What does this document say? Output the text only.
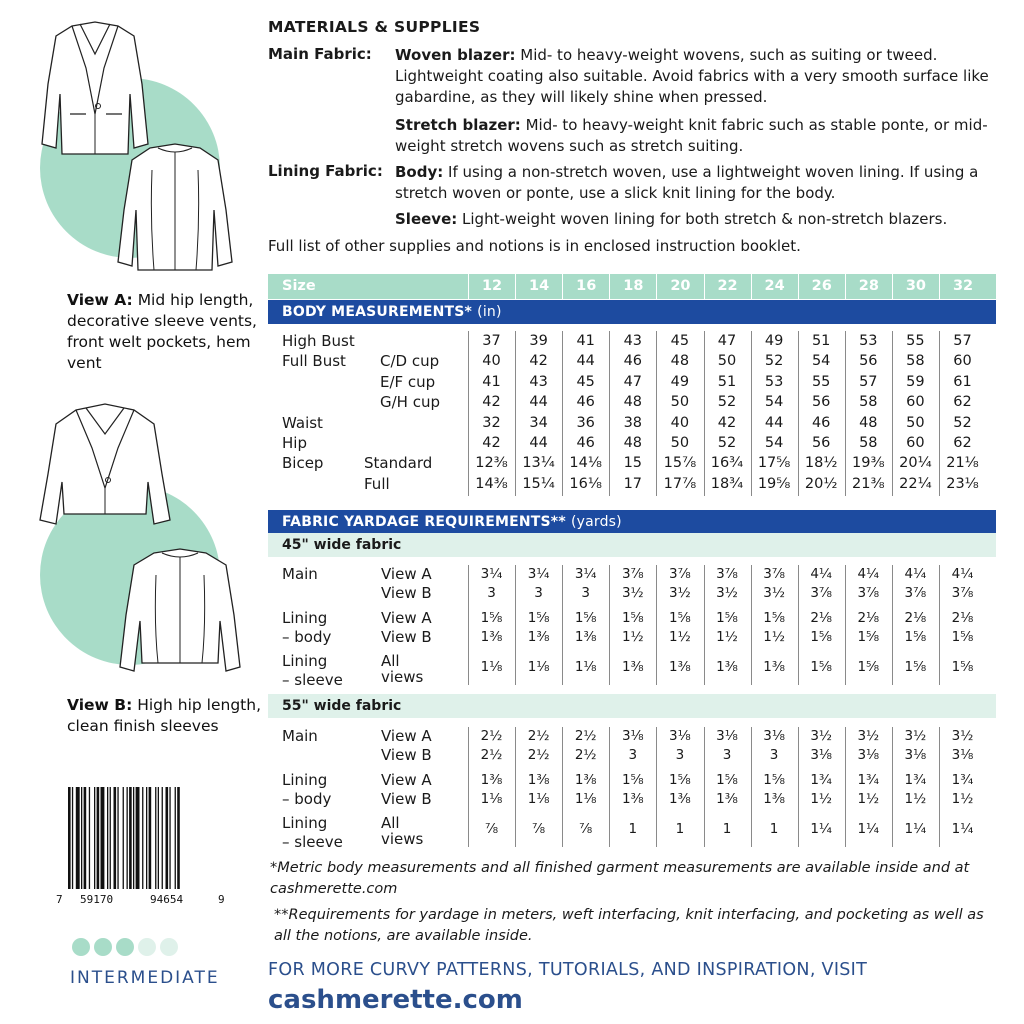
View A: Mid hip length, decorative sleeve vents, front welt pockets, hem vent
View B: High hip length, clean finish sleeves
7 59170	94654	9
INTERMEDIATE
MATERIALS & SUPPLIES
Main Fabric: Woven blazer: Mid- to heavy-weight wovens, such as suiting or tweed. Lightweight coating also suitable. Avoid fabrics with a very smooth surface like gabardine, as they will likely shine when pressed.
Stretch blazer: Mid- to heavy-weight knit fabric such as stable ponte, or mid-weight stretch wovens such as stretch suiting.
Lining Fabric: Body: If using a non-stretch woven, use a lightweight woven lining. If using a stretch woven or ponte, use a slick knit lining for the body.
Sleeve: Light-weight woven lining for both stretch & non-stretch blazers.
Full list of other supplies and notions is in enclosed instruction booklet.
Size	12	14	16	18	20	22	24	26	28	30	32
BODY MEASUREMENTS* (in)
High Bust	37	39	41	43	45	47	49	51	53	55	57
Full Bust C/D cup	40	42	44	46	48	50	52	54	56	58	60
E/F cup	41	43	45	47	49	51	53	55	57	59	61
G/H cup	42	44	46	48	50	52	54	56	58	60	62
Waist	32	34	36	38	40	42	44	46	48	50	52
Hip	42	44	46	48	50	52	54	56	58	60	62
Bicep	Standard	12⅜	13¼	14⅛	15	15⅞	16¾	17⅝	18½	19⅜	20¼	21⅛
Full	14⅜	15¼	16⅛	17	17⅞	18¾	19⅝	20½	21⅜	22¼	23⅛
FABRIC YARDAGE REQUIREMENTS** (yards)
45" wide fabric
Main	View A	3¼	3¼	3¼	3⅞	3⅞	3⅞	3⅞	4¼	4¼	4¼	4¼
View B	3	3	3	3½	3½	3½	3½	3⅞	3⅞	3⅞	3⅞
Lining
– body
View A	1⅝	1⅝	1⅝	1⅝	1⅝	1⅝	1⅝	2⅛	2⅛	2⅛	2⅛
View B	1⅜	1⅜	1⅜	1½	1½	1½	1½	1⅝	1⅝	1⅝	1⅝
Lining
– sleeve
All
views
1⅛	1⅛	1⅛	1⅜	1⅜	1⅜	1⅜	1⅝	1⅝	1⅝	1⅝
55" wide fabric
Main	View A	2½	2½	2½	3⅛	3⅛	3⅛	3⅛	3½	3½	3½	3½
View B	2½	2½	2½	3	3	3	3	3⅛	3⅛	3⅛	3⅛
Lining
– body
View A	1⅜	1⅜	1⅜	1⅝	1⅝	1⅝	1⅝	1¾	1¾	1¾	1¾
View B	1⅛	1⅛	1⅛	1⅜	1⅜	1⅜	1⅜	1½	1½	1½	1½
Lining
– sleeve
All
views
⅞	⅞	⅞	1	1	1	1	1¼	1¼	1¼	1¼
*Metric body measurements and all finished garment measurements are available inside and at cashmerette.com
**Requirements for yardage in meters, weft interfacing, knit interfacing, and pocketing as well as all the notions, are available inside.
FOR MORE CURVY PATTERNS, TUTORIALS, AND INSPIRATION, VISIT
cashmerette.com
